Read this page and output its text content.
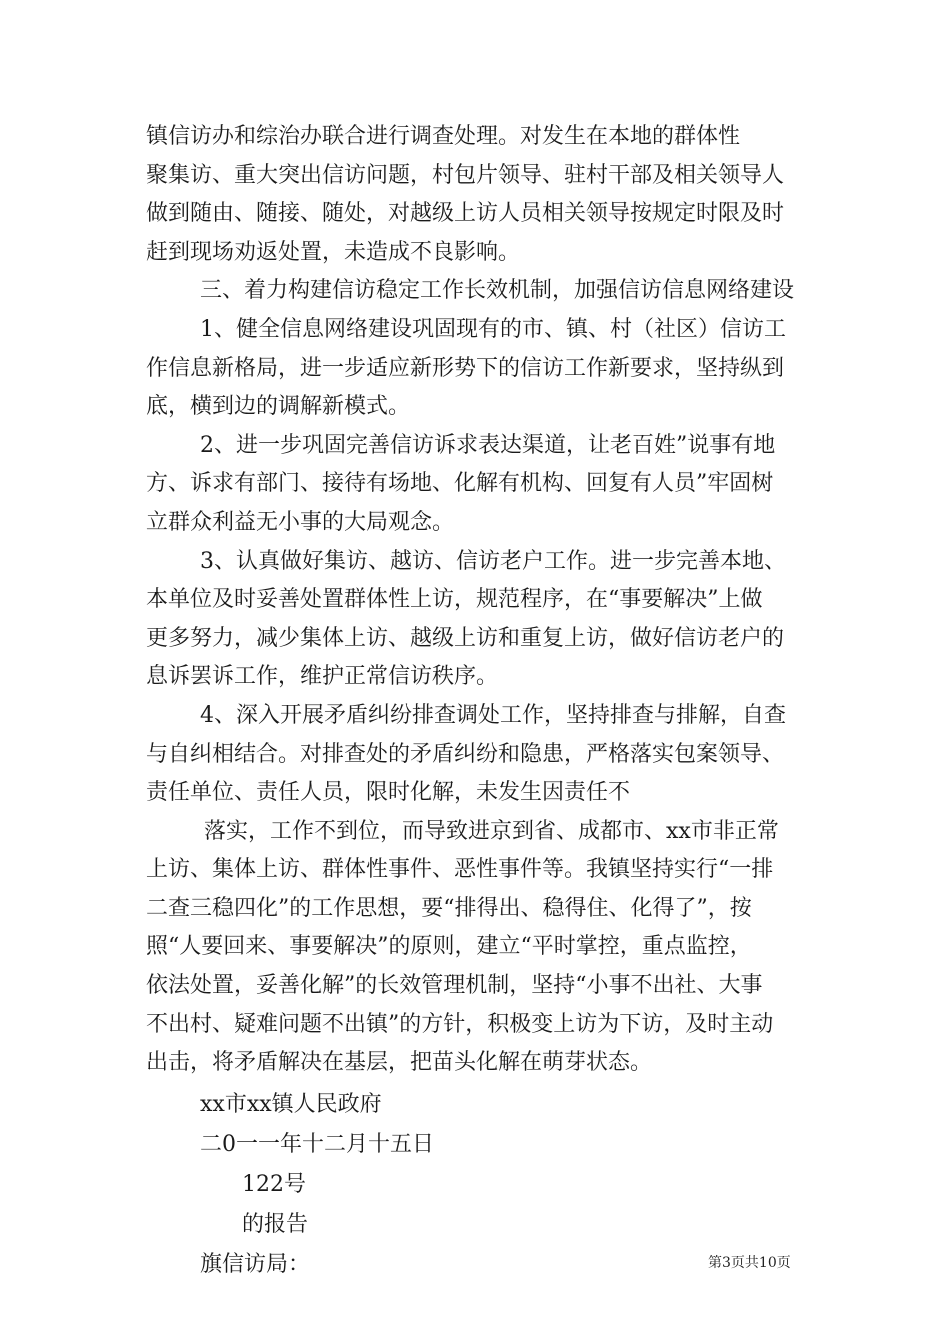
镇信访办和综治办联合进行调查处理。对发生在本地的群体性
聚集访、重大突出信访问题，村包片领导、驻村干部及相关领导人
做到随由、随接、随处，对越级上访人员相关领导按规定时限及时
赶到现场劝返处置，未造成不良影响。

三、着力构建信访稳定工作长效机制，加强信访信息网络建设

1、健全信息网络建设巩固现有的市、镇、村（社区）信访工
作信息新格局，进一步适应新形势下的信访工作新要求，坚持纵到
底，横到边的调解新模式。

2、进一步巩固完善信访诉求表达渠道，让老百姓”说事有地
方、诉求有部门、接待有场地、化解有机构、回复有人员”牢固树
立群众利益无小事的大局观念。

3、认真做好集访、越访、信访老户工作。进一步完善本地、
本单位及时妥善处置群体性上访，规范程序，在“事要解决”上做
更多努力，减少集体上访、越级上访和重复上访，做好信访老户的
息诉罢诉工作，维护正常信访秩序。

4、深入开展矛盾纠纷排查调处工作，坚持排查与排解，自查
与自纠相结合。对排查处的矛盾纠纷和隐患，严格落实包案领导、
责任单位、责任人员，限时化解，未发生因责任不

落实，工作不到位，而导致进京到省、成都市、xx市非正常
上访、集体上访、群体性事件、恶性事件等。我镇坚持实行“一排
二查三稳四化”的工作思想，要“排得出、稳得住、化得了”，按
照“人要回来、事要解决”的原则，建立“平时掌控，重点监控，
依法处置，妥善化解”的长效管理机制，坚持“小事不出社、大事
不出村、疑难问题不出镇”的方针，积极变上访为下访，及时主动
出击，将矛盾解决在基层，把苗头化解在萌芽状态。

xx市xx镇人民政府

二0一一年十二月十五日

122号

的报告

旗信访局：	第3页共10页
